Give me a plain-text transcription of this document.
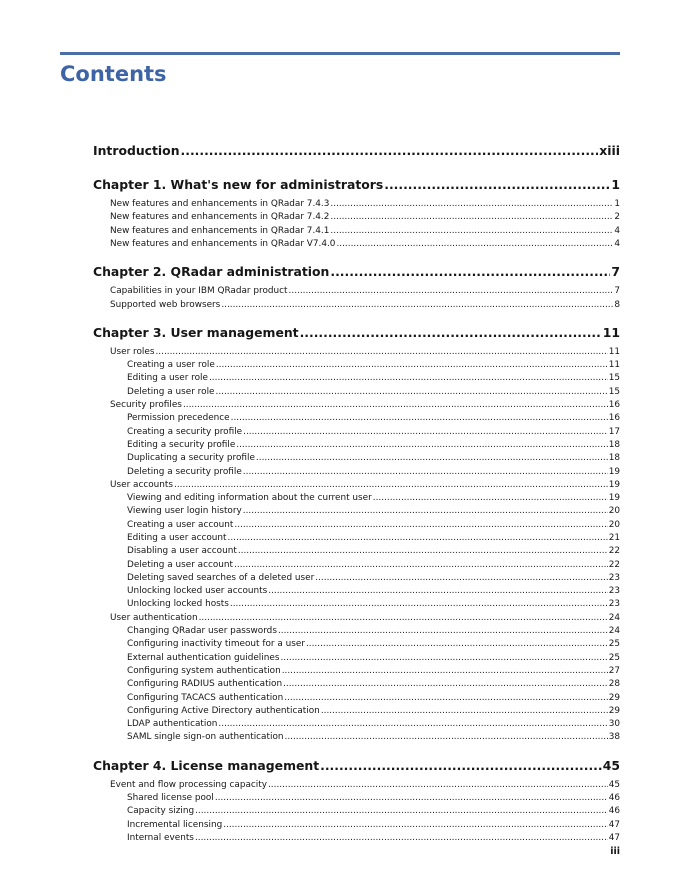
Contents
Introduction .....	xiii
Chapter 1. What's new for administrators .....	1
New features and enhancements in QRadar 7.4.3 .....	1
New features and enhancements in QRadar 7.4.2 .....	2
New features and enhancements in QRadar 7.4.1 .....	4
New features and enhancements in QRadar V7.4.0 .....	4
Chapter 2. QRadar administration .....	7
Capabilities in your IBM QRadar product .....	7
Supported web browsers .....	8
Chapter 3. User management .....	11
User roles .....	11
Creating a user role .....	11
Editing a user role .....	15
Deleting a user role .....	15
Security profiles .....	16
Permission precedence .....	16
Creating a security profile .....	17
Editing a security profile .....	18
Duplicating a security profile .....	18
Deleting a security profile .....	19
User accounts .....	19
Viewing and editing information about the current user .....	19
Viewing user login history .....	20
Creating a user account .....	20
Editing a user account .....	21
Disabling a user account .....	22
Deleting a user account .....	22
Deleting saved searches of a deleted user .....	23
Unlocking locked user accounts .....	23
Unlocking locked hosts .....	23
User authentication .....	24
Changing QRadar user passwords .....	24
Configuring inactivity timeout for a user .....	25
External authentication guidelines .....	25
Configuring system authentication .....	27
Configuring RADIUS authentication .....	28
Configuring TACACS authentication .....	29
Configuring Active Directory authentication .....	29
LDAP authentication .....	30
SAML single sign-on authentication .....	38
Chapter 4. License management .....	45
Event and flow processing capacity .....	45
Shared license pool .....	46
Capacity sizing .....	46
Incremental licensing .....	47
Internal events .....	47
iii
